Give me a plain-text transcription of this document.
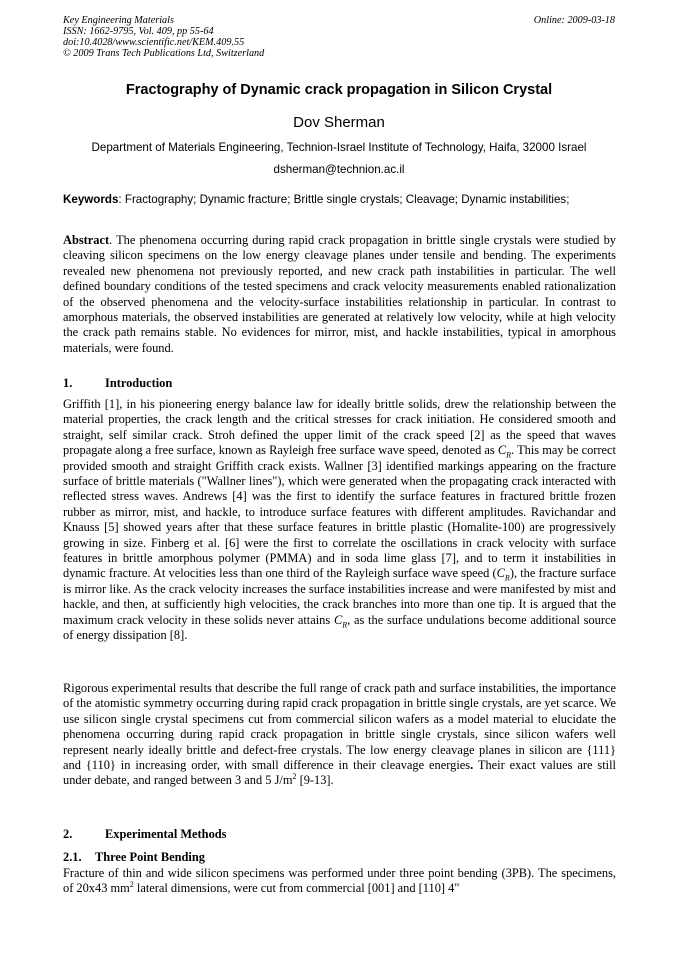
Key Engineering Materials
ISSN: 1662-9795, Vol. 409, pp 55-64
doi:10.4028/www.scientific.net/KEM.409.55
© 2009 Trans Tech Publications Ltd, Switzerland
Online: 2009-03-18
Fractography of Dynamic crack propagation in Silicon Crystal
Dov Sherman
Department of Materials Engineering, Technion-Israel Institute of Technology, Haifa, 32000 Israel
dsherman@technion.ac.il
Keywords: Fractography; Dynamic fracture; Brittle single crystals; Cleavage; Dynamic instabilities;
Abstract. The phenomena occurring during rapid crack propagation in brittle single crystals were studied by cleaving silicon specimens on the low energy cleavage planes under tensile and bending. The experiments revealed new phenomena not previously reported, and new crack path instabilities in particular. The well defined boundary conditions of the tested specimens and crack velocity measurements enabled rationalization of the observed phenomena and the velocity-surface instabilities relationship in particular. In contrast to amorphous materials, the observed instabilities are generated at relatively low velocity, while at high velocity the crack path remains stable. No evidences for mirror, mist, and hackle instabilities, typical in amorphous materials, were found.
1.	Introduction
Griffith [1], in his pioneering energy balance law for ideally brittle solids, drew the relationship between the material properties, the crack length and the critical stresses for crack initiation. He considered smooth and straight, self similar crack. Stroh defined the upper limit of the crack speed [2] as the speed that waves propagate along a free surface, known as Rayleigh free surface wave speed, denoted as $C_R$. This may be correct provided smooth and straight Griffith crack exists. Wallner [3] identified markings appearing on the fracture surface of brittle materials ("Wallner lines"), which were generated when the propagating crack interacted with reflected stress waves. Andrews [4] was the first to identify the surface features in fractured brittle frozen rubber as mirror, mist, and hackle, to introduce surface features with different amplitudes. Ravichandar and Knauss [5] showed years after that these surface features in brittle plastic (Homalite-100) are progressively growing in size. Finberg et al. [6] were the first to correlate the oscillations in crack velocity with surface features in brittle amorphous polymer (PMMA) and in soda lime glass [7], and to term it instabilities in dynamic fracture. At velocities less than one third of the Rayleigh surface wave speed $(C_R)$, the fracture surface is mirror like. As the crack velocity increases the surface instabilities increase and were manifested by mist and hackle, and then, at sufficiently high velocities, the crack branches into more than one tip. It is argued that the maximum crack velocity in these solids never attains $C_R$, as the surface undulations become additional source of energy dissipation [8].
Rigorous experimental results that describe the full range of crack path and surface instabilities, the importance of the atomistic symmetry occurring during rapid crack propagation in brittle single crystals, are yet scarce. We use silicon single crystal specimens cut from commercial silicon wafers as a model material to elucidate the phenomena occurring during rapid crack propagation in brittle single crystals, since silicon wafers well represent nearly ideally brittle and defect-free crystals. The low energy cleavage planes in silicon are {111} and {110} in increasing order, with small difference in their cleavage energies. Their exact values are still under debate, and ranged between 3 and 5 $J/m^2$ [9-13].
2.	Experimental Methods
2.1. Three Point Bending
Fracture of thin and wide silicon specimens was performed under three point bending (3PB). The specimens, of 20x43 $mm^2$ lateral dimensions, were cut from commercial [001] and [110] 4"
